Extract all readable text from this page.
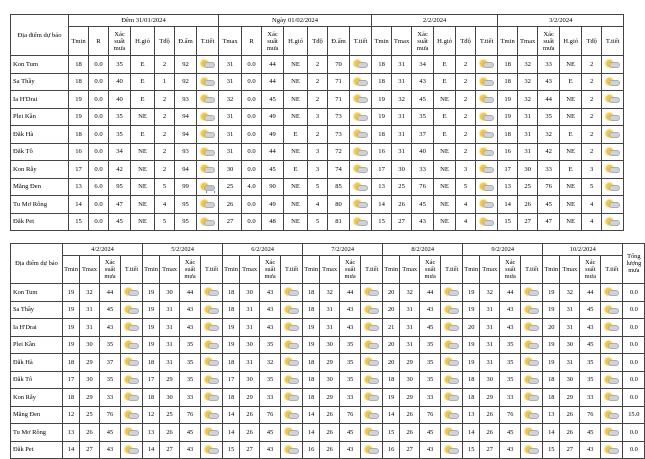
Địa điểm dự báo	Đêm 31/01/2024							Ngày 01/02/2024							2/2/2024						3/2/2024					
	Tmin	R	Xác suất mưa	H.gió	Tđộ	Đ.ẩm	T.tiết	Tmax	R	Xác suất mưa	H.gió	Tđộ	Đ.ẩm	T.tiết	Tmin	Tmax	Xác suất mưa	H.gió	Tđộ	T.tiết	Tmin	Tmax	Xác suất mưa	H.gió	Tđộ	T.tiết
Kon Tum	18	0.0	35	E	2	92		31	0.0	44	NE	2	70		18	31	34	E	2		18	32	33	NE	2	

Sa Thầy	18	0.0	40	E	1	92		31	0.0	44	NE	2	71		18	31	43	E	2		18	32	43	E	2	

Ia H'Drai	19	0.0	40	E	2	93		32	0.0	45	NE	2	71		19	32	45	NE	2		19	32	44	NE	2	

Plei Kần	19	0.0	35	NE	2	94		31	0.0	49	NE	3	73		19	31	35	E	2		19	31	35	NE	2	

Đăk Hà	18	0.0	35	E	2	94		31	0.0	49	E	2	73		18	31	37	E	2		18	31	32	E	2	

Đăk Tô	16	0.0	34	NE	2	93		31	0.0	44	NE	3	72		16	31	40	NE	2		16	31	42	NE	2	

Kon Rẫy	17	0.0	42	NE	2	94		30	0.0	45	E	3	74		17	30	33	NE	3		17	30	33	E	3	

Măng Đen	13	6.0	95	NE	5	99		25	4.0	90	NE	5	85		13	25	76	NE	5		13	25	76	NE	5	

Tu Mơ Rông	14	0.0	47	NE	4	95		26	0.0	49	NE	4	80		14	26	45	NE	4		14	26	45	NE	4	

Đăk Pet	15	0.0	45	NE	5	95		27	0.0	48	NE	5	81		15	27	43	NE	4		15	27	47	NE	4	
Địa điểm dự báo	4/2/2024				5/2/2024				6/2/2024				7/2/2024				8/2/2024				9/2/2024				10/2/2024				Tổng lượng mưa
	Tmin	Tmax	Xác suất mưa	T.tiết	Tmin	Tmax	Xác suất mưa	T.tiết	Tmin	Tmax	Xác suất mưa	T.tiết	Tmin	Tmax	Xác suất mưa	T.tiết	Tmin	Tmax	Xác suất mưa	T.tiết	Tmin	Tmax	Xác suất mưa	T.tiết	Tmin	Tmax	Xác suất mưa	T.tiết	
Kon Tum	19	32	44		19	30	44		18	30	43		18	32	44		20	32	44		19	32	44		19	32	44		0.0
Sa Thầy	19	31	45		19	31	43		18	31	43		18	31	43		20	31	43		19	31	43		19	31	45		0.0
Ia H'Drai	19	31	43		19	31	43		19	31	43		19	31	43		21	31	45		20	31	43		20	31	43		0.0
Plei Kần	19	30	35		19	31	35		19	30	35		19	30	35		20	31	35		19	31	35		19	30	45		0.0
Đăk Hà	18	29	37		18	31	35		18	31	32		18	29	35		20	29	35		19	31	35		19	31	35		0.0
Đăk Tô	17	30	35		17	29	35		17	30	35		18	30	35		18	30	35		18	30	35		18	30	35		0.0
Kon Rẫy	18	29	33		18	30	33		18	29	33		18	29	33		19	29	33		18	29	33		18	29	33		0.0
Măng Đen	12	25	76		12	25	76		14	26	76		14	26	76		14	26	76		13	26	76		13	26	76		15.0
Tu Mơ Rông	13	26	45		13	26	45		14	26	45		14	26	45		15	26	45		14	26	45		14	26	45		0.0
Đăk Pet	14	27	43		14	27	43		15	27	43		16	26	43		16	27	43		15	27	43		15	27	43		0.0
